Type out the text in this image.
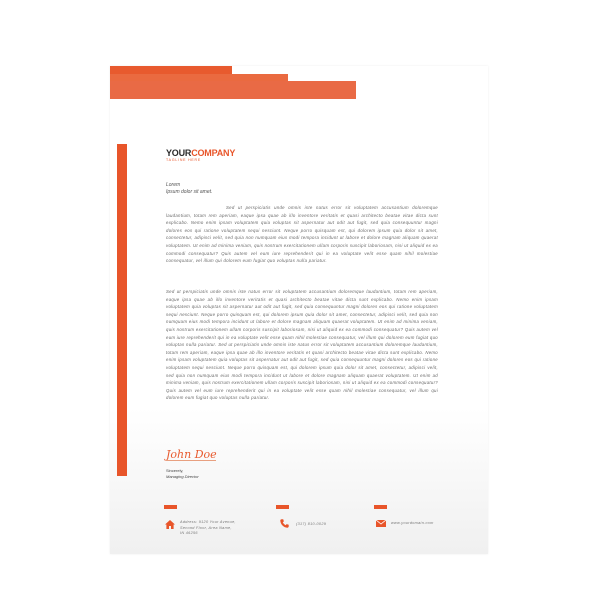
YOURCOMPANY
TAGLINE HERE
Lorem
Ipsum dolor sit amet.

Sed ut perspiciatis unde omnis iste natus error sit voluptatem accusantium doloremque laudantium, totam rem aperiam, eaque ipsa quae ab illo inventore veritatis et quasi architecto beatae vitae dicta sunt explicabo. Nemo enim ipsam voluptatem quia voluptas sit aspernatur aut odit aut fugit, sed quia consequuntur magni dolores eos qui ratione voluptatem sequi nesciunt. Neque porro quisquam est, qui dolorem ipsum quia dolor sit amet, consectetur, adipisci velit, sed quia non numquam eius modi tempora incidunt ut labore et dolore magnam aliquam quaerat voluptatem. Ut enim ad minima veniam, quis nostrum exercitationem ullam corporis suscipit laboriosam, nisi ut aliquid ex ea commodi consequatur? Quis autem vel eum iure reprehenderit qui in ea voluptate velit esse quam nihil molestiae consequatur, vel illum qui dolorem eum fugiat quo voluptas nulla pariatur.

Sed ut perspiciatis unde omnis iste natus error sit voluptatem accusantium doloremque laudantium, totam rem aperiam, eaque ipsa quae ab illo inventore veritatis et quasi architecto beatae vitae dicta sunt explicabo. Nemo enim ipsam voluptatem quia voluptas sit aspernatur aut odit aut fugit, sed quia consequuntur magni dolores eos qui ratione voluptatem sequi nesciunt. Neque porro quisquam est, qui dolorem ipsum quia dolor sit amet, consectetur, adipisci velit, sed quia non numquam eius modi tempora incidunt ut labore et dolore magnam aliquam quaerat voluptatem. Ut enim ad minima veniam, quis nostrum exercitationem ullam corporis suscipit laboriosam, nisi ut aliquid ex ea commodi consequatur? Quis autem vel eum iure reprehenderit qui in ea voluptate velit esse quam nihil molestiae consequatur, vel illum qui dolorem eum fugiat quo voluptas nulla pariatur. Sed ut perspiciatis unde omnis iste natus error sit voluptatem accusantium doloremque laudantium, totam rem aperiam, eaque ipsa quae ab illo inventore veritatis et quasi architecto beatae vitae dicta sunt explicabo. Nemo enim ipsam voluptatem quia voluptas sit aspernatur aut odit aut fugit, sed quia consequuntur magni dolores eos qui ratione voluptatem sequi nesciunt. Neque porro quisquam est, qui dolorem ipsum quia dolor sit amet, consectetur, adipisci velit, sed quia non numquam eius modi tempora incidunt ut labore et dolore magnam aliquam quaerat voluptatem. Ut enim ad minima veniam, quis nostrum exercitationem ullam corporis suscipit laboriosam, nisi ut aliquid ex ea commodi consequatur? Quis autem vel eum iure reprehenderit qui in ea voluptate velit esse quam nihil molestiae consequatur, vel illum qui dolorem eum fugiat quo voluptas nulla pariatur.

John Doe
Sincerely,
Managing Director
Address: 9120 Your Avenue,
Second Floor, Area Name,
IN 46256
(317) 810-0029	www.yourdomain.com
